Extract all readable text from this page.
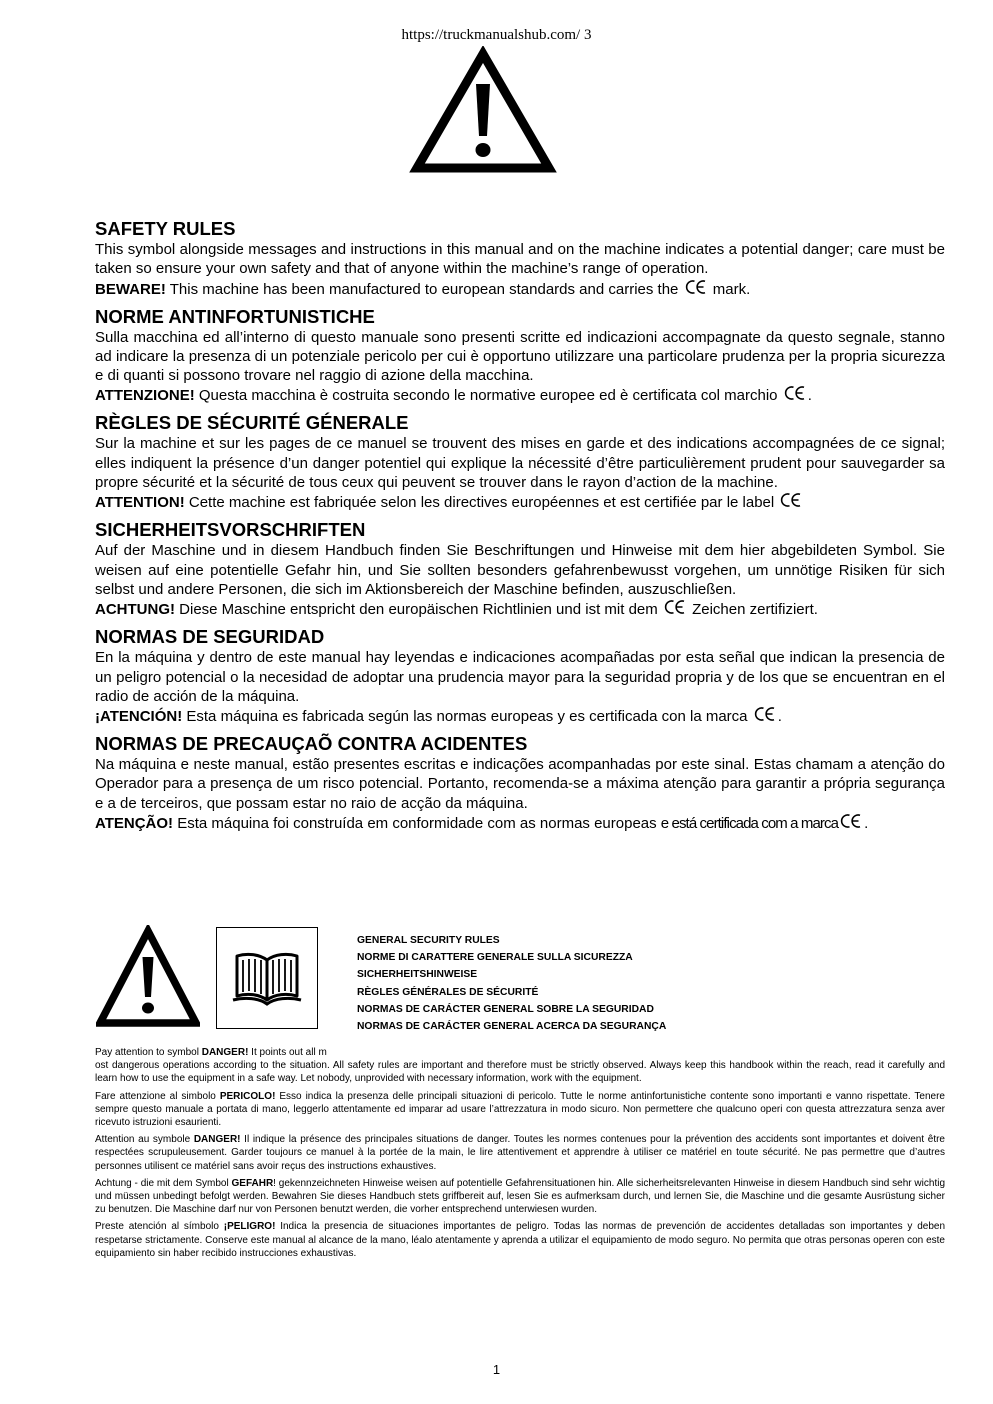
https://truckmanualshub.com/ 3
SAFETY RULES

This symbol alongside messages and instructions in this manual and on the machine indicates a potential danger; care must be taken so ensure your own safety and that of anyone within the machine’s range of operation.

BEWARE! This machine has been manufactured to european standards and carries the  mark.

NORME ANTINFORTUNISTICHE

Sulla macchina ed all’interno di questo manuale sono presenti scritte ed indicazioni accompagnate da questo segnale, stanno ad indicare la presenza di un potenziale pericolo per cui è opportuno utilizzare una particolare prudenza per la propria sicurezza e di quanti si possono trovare nel raggio di azione della macchina.

ATTENZIONE! Questa macchina è costruita secondo le normative europee ed è certificata col marchio .

RÈGLES DE SÉCURITÉ GÉNERALE

Sur la machine et sur les pages de ce manuel se trouvent des mises en garde et des indications accompagnées de ce signal; elles indiquent la présence d’un danger potentiel qui explique la nécessité d’être particulièrement prudent pour sauvegarder sa propre sécurité et la sécurité de tous ceux qui peuvent se trouver dans le rayon d’action de la machine.

ATTENTION! Cette machine est fabriquée selon les directives européennes et est certifiée par le label

SICHERHEITSVORSCHRIFTEN

Auf der Maschine und in diesem Handbuch finden Sie Beschriftungen und Hinweise mit dem hier abgebildeten Symbol. Sie weisen auf eine potentielle Gefahr hin, und Sie sollten besonders gefahrenbewusst vorgehen, um unnötige Risiken für sich selbst und andere Personen, die sich im Aktionsbereich der Maschine befinden, auszuschließen.

ACHTUNG! Diese Maschine entspricht den europäischen Richtlinien und ist mit dem  Zeichen zertifiziert.

NORMAS DE SEGURIDAD

En la máquina y dentro de este manual hay leyendas e indicaciones acompañadas por esta señal que indican la presencia de un peligro potencial o la necesidad de adoptar una prudencia mayor para la seguridad propria y de los que se encuentran en el radio de acción de la máquina.

¡ATENCIÓN! Esta máquina es fabricada según las normas europeas y es certificada con la marca .

NORMAS DE PRECAUÇAÕ CONTRA ACIDENTES

Na máquina e neste manual, estão presentes escritas e indicações acompanhadas por este sinal. Estas chamam a atenção do Operador para a presença de um risco potencial. Portanto, recomenda-se a máxima atenção para garantir a própria segurança e a de terceiros, que possam estar no raio de acção da máquina.

ATENÇÃO! Esta máquina foi construída em conformidade com as normas europeas e está certificada com a marca .

GENERAL SECURITY RULES
NORME DI CARATTERE GENERALE SULLA SICUREZZA
SICHERHEITSHINWEISE
RÈGLES GÉNÉRALES DE SÉCURITÉ
NORMAS DE CARÁCTER GENERAL SOBRE LA SEGURIDAD
NORMAS DE CARÁCTER GENERAL ACERCA DA SEGURANÇA

Pay attention to symbol DANGER! It points out all m
ost dangerous operations according to the situation. All safety rules are important and therefore must be strictly observed. Always keep this handbook within the reach, read it carefully and learn how to use the equipment in a safe way. Let nobody, unprovided with necessary information, work with the equipment.

Fare attenzione al simbolo PERICOLO! Esso indica la presenza delle principali situazioni di pericolo. Tutte le norme antinfortunistiche contente sono importanti e vanno rispettate. Tenere sempre questo manuale a portata di mano, leggerlo attentamente ed imparar ad usare l’attrezzatura in modo sicuro. Non permettere che qualcuno operi con questa attrezzatura senza aver ricevuto istruzioni esaurienti.

Attention au symbole DANGER! Il indique la présence des principales situations de danger. Toutes les normes contenues pour la prévention des accidents sont importantes et doivent être respectées scrupuleusement. Garder toujours ce manuel à la portée de la main, le lire attentivement et apprendre à utiliser ce matériel en toute sécurité. Ne pas permettre que d’autres personnes utilisent ce matériel sans avoir reçus des instructions exhaustives.

Achtung - die mit dem Symbol GEFAHR! gekennzeichneten Hinweise weisen auf potentielle Gefahrensituationen hin. Alle sicherheitsrelevanten Hinweise in diesem Handbuch sind sehr wichtig und müssen unbedingt befolgt werden. Bewahren Sie dieses Handbuch stets griffbereit auf, lesen Sie es aufmerksam durch, und lernen Sie, die Maschine und die gesamte Ausrüstung sicher zu benutzen. Die Maschine darf nur von Personen benutzt werden, die vorher entsprechend unterwiesen wurden.

Preste atención al símbolo ¡PELIGRO! Indica la presencia de situaciones importantes de peligro. Todas las normas de prevención de accidentes detalladas son importantes y deben respetarse strictamente. Conserve este manual al alcance de la mano, léalo atentamente y aprenda a utilizar el equipamiento de modo seguro. No permita que otras personas operen con este equipamiento sin haber recibido instrucciones exhaustivas.

1
